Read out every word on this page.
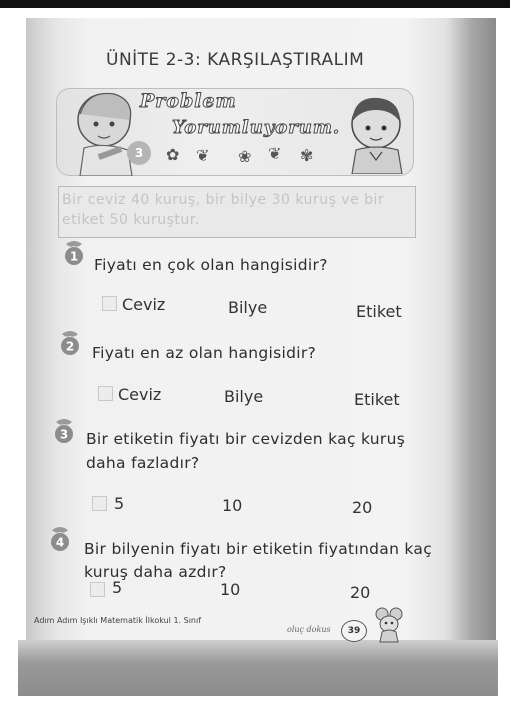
ÜNİTE 2-3: KARŞILAŞTIRALIM
3
Problem
Yorumluyorum.
✿ ❦ ❀ ❦ ✾
Bir ceviz 40 kuruş, bir bilye 30 kuruş ve bir etiket 50 kuruştur.
1 Fiyatı en çok olan hangisidir?
Ceviz	Bilye	Etiket
2 Fiyatı en az olan hangisidir?
Ceviz	Bilye	Etiket
3 Bir etiketin fiyatı bir cevizden kaç kuruş
daha fazladır?
5	10	20
4 Bir bilyenin fiyatı bir etiketin fiyatından kaç
kuruş daha azdır?
5	10	20
Adım Adım Işıklı Matematik İlkokul 1. Sınıf
oluç dokus	39
